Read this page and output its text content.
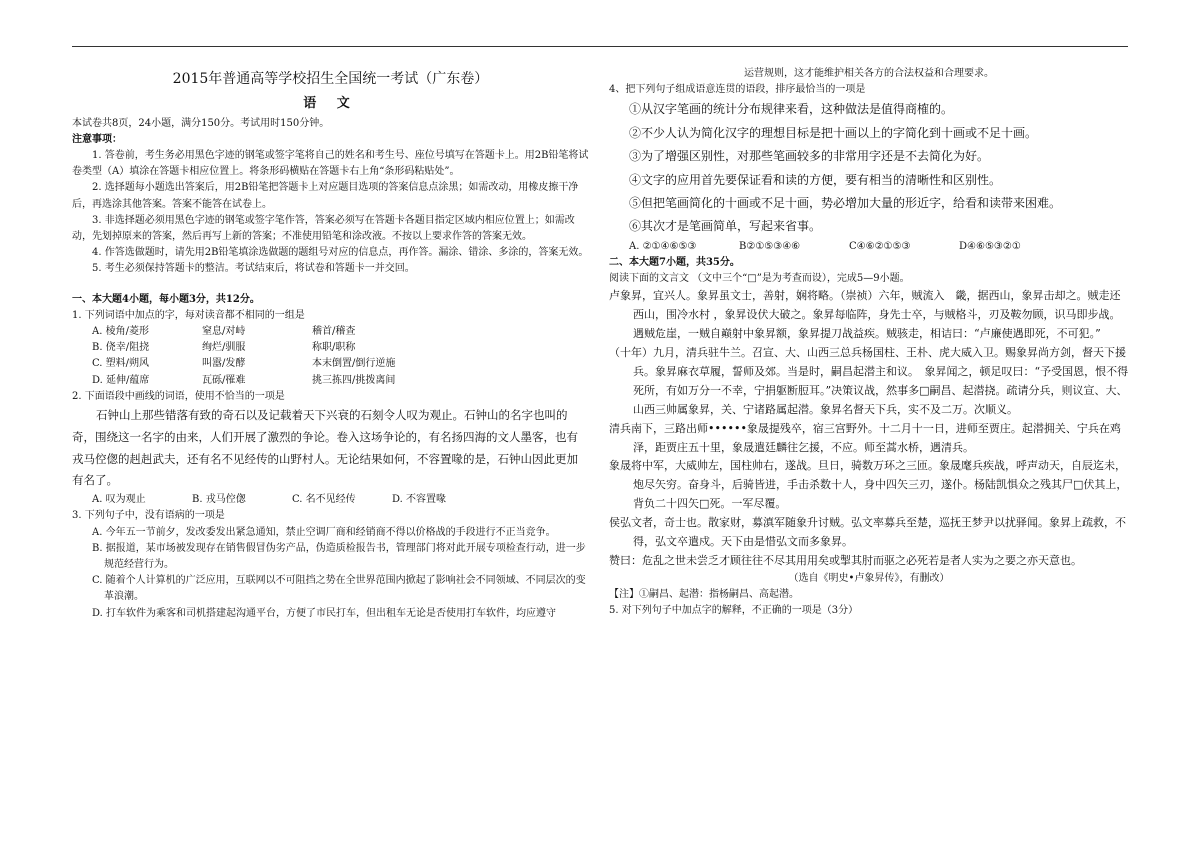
2015年普通高等学校招生全国统一考试（广东卷）

语 文

本试卷共8页，24小题，满分150分。考试用时150分钟。

注意事项：

1. 答卷前，考生务必用黑色字迹的钢笔或签字笔将自己的姓名和考生号、座位号填写在答题卡上。用2B铅笔将试卷类型（A）填涂在答题卡相应位置上。将条形码横贴在答题卡右上角“条形码粘贴处”。

2. 选择题每小题选出答案后，用2B铅笔把答题卡上对应题目选项的答案信息点涂黑；如需改动，用橡皮擦干净后，再选涂其他答案。答案不能答在试卷上。

3. 非选择题必须用黑色字迹的钢笔或签字笔作答，答案必须写在答题卡各题目指定区域内相应位置上；如需改动，先划掉原来的答案，然后再写上新的答案；不准使用铅笔和涂改液。不按以上要求作答的答案无效。

4. 作答选做题时，请先用2B铅笔填涂选做题的题组号对应的信息点，再作答。漏涂、错涂、多涂的，答案无效。

5. 考生必须保持答题卡的整洁。考试结束后，将试卷和答题卡一并交回。

一、本大题4小题，每小题3分，共12分。

1. 下列词语中加点的字，每对读音都不相同的一组是

A. 棱角/菱形	窒息/对峙	稽首/稽查
B. 侥幸/阻挠	绚烂/驯服	称职/职称
C. 塑料/朔风	叫嚣/发酵	本末倒置/倒行逆施
D. 延伸/蕴席	瓦砾/罹难	挑三拣四/挑拨离间

2. 下面语段中画线的词语，使用不恰当的一项是

石钟山上那些错落有致的奇石以及记载着天下兴衰的石刻令人叹为观止。石钟山的名字也叫的奇，围绕这一名字的由来，人们开展了激烈的争论。卷入这场争论的，有名扬四海的文人墨客，也有戎马倥偬的赳赳武夫，还有名不见经传的山野村人。无论结果如何，不容置喙的是，石钟山因此更加有名了。

A. 叹为观止	B. 戎马倥偬	C. 名不见经传	D. 不容置喙

3. 下列句子中，没有语病的一项是

A. 今年五一节前夕，发改委发出紧急通知，禁止空调厂商和经销商不得以价格战的手段进行不正当竞争。

B. 据报道，某市场被发现存在销售假冒伪劣产品，伪造质检报告书，管理部门将对此开展专项检查行动，进一步规范经营行为。

C. 随着个人计算机的广泛应用，互联网以不可阻挡之势在全世界范围内掀起了影响社会不同领域、不同层次的变革浪潮。

D. 打车软件为乘客和司机搭建起沟通平台，方便了市民打车，但出租车无论是否使用打车软件，均应遵守

运营规则，这才能维护相关各方的合法权益和合理要求。

4、把下列句子组成语意连贯的语段，排序最恰当的一项是

①从汉字笔画的统计分布规律来看，这种做法是值得商榷的。

②不少人认为简化汉字的理想目标是把十画以上的字简化到十画或不足十画。

③为了增强区别性，对那些笔画较多的非常用字还是不去简化为好。

④文字的应用首先要保证看和读的方便，要有相当的清晰性和区别性。

⑤但把笔画简化的十画或不足十画，势必增加大量的形近字，给看和读带来困难。

⑥其次才是笔画简单，写起来省事。

A. ②①④⑥⑤③	B②①⑤③④⑥	C④⑥②①⑤③	D④⑥⑤③②①

二、本大题7小题，共35分。

阅读下面的文言文 （文中三个“□”是为考查而设），完成5—9小题。

卢象昇，宜兴人。象昇虽文士，善射，娴将略。（崇祯）六年，贼流入　畿，据西山，象昇击却之。贼走还西山，围冷水村 ，象昇设伏大破之。象昇每临阵，身先士卒，与贼格斗，刃及鞍勿顾，识马即步战。遇贼危崖，一贼自巅射中象昇额，象昇提刀战益疾。贼骇走，相诘曰：“卢廉使遇即死，不可犯。”

（十年）九月，清兵驻牛兰。召宣、大、山西三总兵杨国柱、王朴、虎大威入卫。赐象昇尚方剑，督天下援兵。象昇麻衣草履，誓师及郊。当是时，嗣昌起潜主和议。　象昇闻之，顿足叹曰：“予受国恩，恨不得死所，有如万分一不幸，宁捐躯断脰耳。”决策议战，然事多□嗣昌、起潜挠。疏请分兵，则议宣、大、山西三帅属象昇，关、宁诸路属起潜。象昇名督天下兵，实不及二万。次顺义。

清兵南下，三路出师••••••象晟提残卒，宿三宫野外。十二月十一日，进师至贾庄。起潜拥关、宁兵在鸡泽，距贾庄五十里，象晟遣廷麟往乞援，不应。师至蒿水桥，遇清兵。

象晟将中军，大威帅左，国柱帅右，遂战。旦日，骑数万环之三匝。象晟麾兵疾战，呼声动天，自辰迄未，炮尽矢穷。奋身斗，后骑皆进，手击杀数十人，身中四矢三刃，遂仆。杨陆凯惧众之残其尸□伏其上，背负二十四矢□死。一军尽覆。

侯弘文者，奇士也。散家财，募滇军随象升讨贼。弘文率募兵至楚，巡抚王梦尹以扰驿闻。象昇上疏救，不得，弘文卒遣戍。天下由是惜弘文而多象昇。

赞曰：危乱之世未尝乏才顾往往不尽其用用矣或掣其肘而驱之必死若是者人实为之要之亦天意也。

（选自《明史•卢象昇传》，有删改）

【注】①嗣昌、起潜：指杨嗣昌、高起潜。

5. 对下列句子中加点字的解释，不正确的一项是（3分）
